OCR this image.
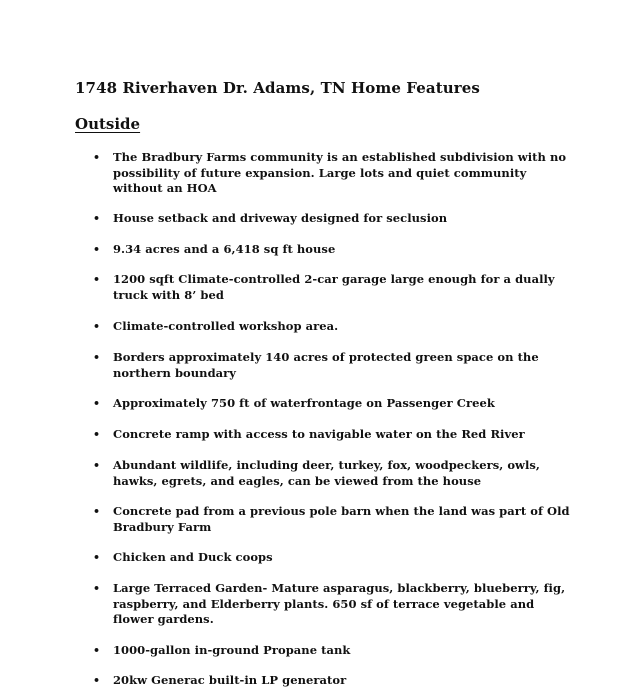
1748 Riverhaven Dr. Adams, TN Home Features
Outside
• The Bradbury Farms community is an established subdivision with no possibility of future expansion. Large lots and quiet community without an HOA
• House setback and driveway designed for seclusion
• 9.34 acres and a 6,418 sq ft house
• 1200 sqft Climate-controlled 2-car garage large enough for a dually truck with 8’ bed
• Climate-controlled workshop area.
• Borders approximately 140 acres of protected green space on the northern boundary
• Approximately 750 ft of waterfrontage on Passenger Creek
• Concrete ramp with access to navigable water on the Red River
• Abundant wildlife, including deer, turkey, fox, woodpeckers, owls, hawks, egrets, and eagles, can be viewed from the house
• Concrete pad from a previous pole barn when the land was part of Old Bradbury Farm
• Chicken and Duck coops
• Large Terraced Garden- Mature asparagus, blackberry, blueberry, fig, raspberry, and Elderberry plants. 650 sf of terrace vegetable and flower gardens.
• 1000-gallon in-ground Propane tank
• 20kw Generac built-in LP generator
